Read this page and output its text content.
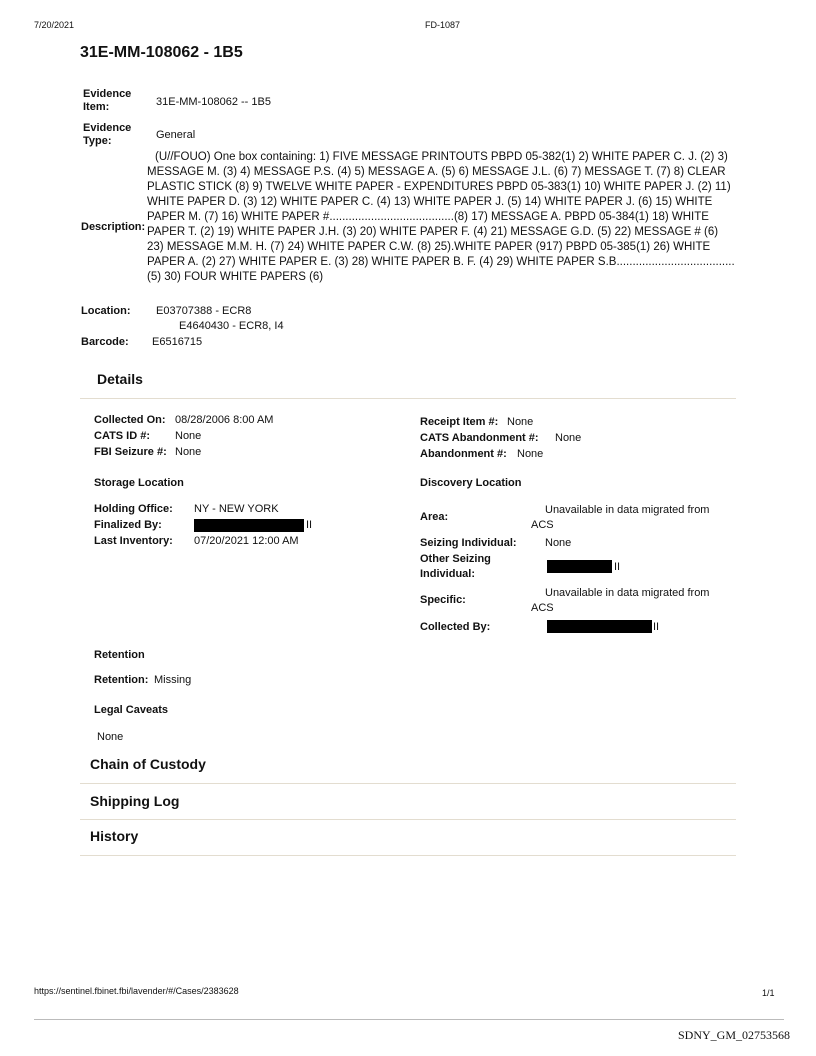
7/20/2021	FD-1087
31E-MM-108062 - 1B5
Evidence Item:	31E-MM-108062 -- 1B5
Evidence Type:	General
Description:
(U//FOUO) One box containing: 1) FIVE MESSAGE PRINTOUTS PBPD 05-382(1) 2) WHITE PAPER C. J. (2) 3) MESSAGE M. (3) 4) MESSAGE P.S. (4) 5) MESSAGE A. (5) 6) MESSAGE J.L. (6) 7) MESSAGE T. (7) 8) CLEAR PLASTIC STICK (8) 9) TWELVE WHITE PAPER - EXPENDITURES PBPD 05-383(1) 10) WHITE PAPER J. (2) 11) WHITE PAPER D. (3) 12) WHITE PAPER C. (4) 13) WHITE PAPER J. (5) 14) WHITE PAPER J. (6) 15) WHITE PAPER M. (7) 16) WHITE PAPER #.......................................(8) 17) MESSAGE A. PBPD 05-384(1) 18) WHITE PAPER T. (2) 19) WHITE PAPER J.H. (3) 20) WHITE PAPER F. (4) 21) MESSAGE G.D. (5) 22) MESSAGE # (6) 23) MESSAGE M.M. H. (7) 24) WHITE PAPER C.W. (8) 25).WHITE PAPER (917) PBPD 05-385(1) 26) WHITE PAPER A. (2) 27) WHITE PAPER E. (3) 28) WHITE PAPER B. F. (4) 29) WHITE PAPER S.B.....................................(5) 30) FOUR WHITE PAPERS (6)
Location: E03707388 - ECR8
E4640430 - ECR8, I4
Barcode: E6516715
Details
Collected On: 08/28/2006 8:00 AM
CATS ID #: None
FBI Seizure #: None
Receipt Item #: None
CATS Abandonment #: None
Abandonment #: None
Storage Location
Holding Office: NY - NEW YORK
Finalized By:	II
Last Inventory: 07/20/2021 12:00 AM
Discovery Location
Area:
Unavailable in data migrated from
ACS
Seizing Individual:	None
Other Seizing
Individual:
II
Specific:
Unavailable in data migrated from
ACS
Collected By:	II
Retention
Retention: Missing
Legal Caveats
None
Chain of Custody
Shipping Log
History
https://sentinel.fbinet.fbi/lavender/#/Cases/2383628	1/1
SDNY_GM_02753568
